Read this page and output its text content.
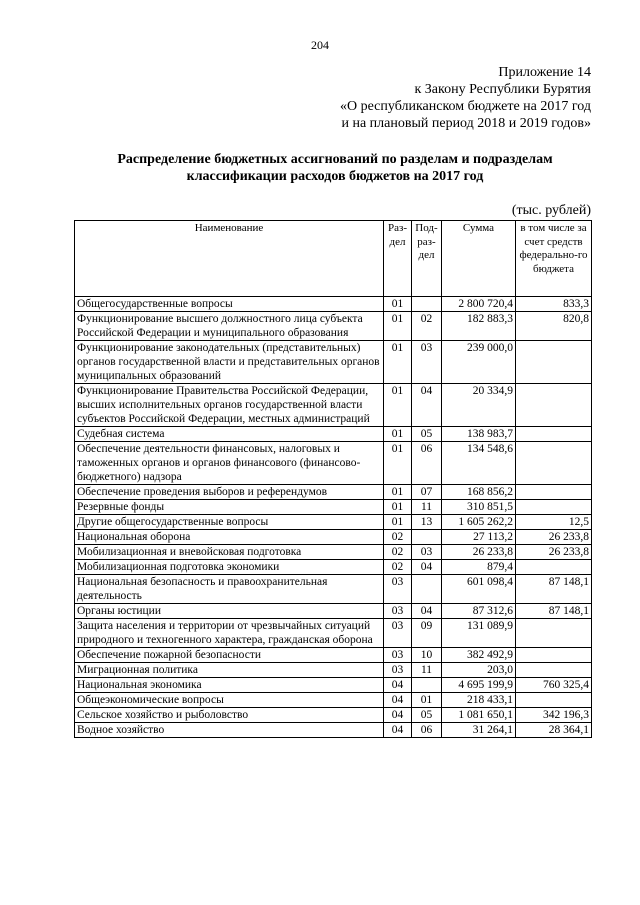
204
Приложение 14
к Закону Республики Бурятия
«О республиканском бюджете на 2017 год
и на плановый период 2018 и 2019 годов»
Распределение бюджетных ассигнований по разделам и подразделам
классификации расходов бюджетов на 2017 год
(тыс. рублей)
Наименование	Раз-дел	Под-раз-дел	Сумма	в том числе за счет средств федерально-го бюджета
Общегосударственные вопросы	01		2 800 720,4	833,3
Функционирование высшего должностного лица субъекта Российской Федерации и муниципального образования	01	02	182 883,3	820,8
Функционирование законодательных (представительных) органов государственной власти и представительных органов муниципальных образований	01	03	239 000,0	
Функционирование Правительства Российской Федерации, высших исполнительных органов государственной власти субъектов Российской Федерации, местных администраций	01	04	20 334,9	
Судебная система	01	05	138 983,7	
Обеспечение деятельности финансовых, налоговых и таможенных органов и органов финансового (финансово-бюджетного) надзора	01	06	134 548,6	
Обеспечение проведения выборов и референдумов	01	07	168 856,2	
Резервные фонды	01	11	310 851,5	
Другие общегосударственные вопросы	01	13	1 605 262,2	12,5
Национальная оборона	02		27 113,2	26 233,8
Мобилизационная и вневойсковая подготовка	02	03	26 233,8	26 233,8
Мобилизационная подготовка экономики	02	04	879,4	
Национальная безопасность и правоохранительная деятельность	03		601 098,4	87 148,1
Органы юстиции	03	04	87 312,6	87 148,1
Защита населения и территории от чрезвычайных ситуаций природного и техногенного характера, гражданская оборона	03	09	131 089,9	
Обеспечение пожарной безопасности	03	10	382 492,9	
Миграционная политика	03	11	203,0	
Национальная экономика	04		4 695 199,9	760 325,4
Общеэкономические вопросы	04	01	218 433,1	
Сельское хозяйство и рыболовство	04	05	1 081 650,1	342 196,3
Водное хозяйство	04	06	31 264,1	28 364,1
